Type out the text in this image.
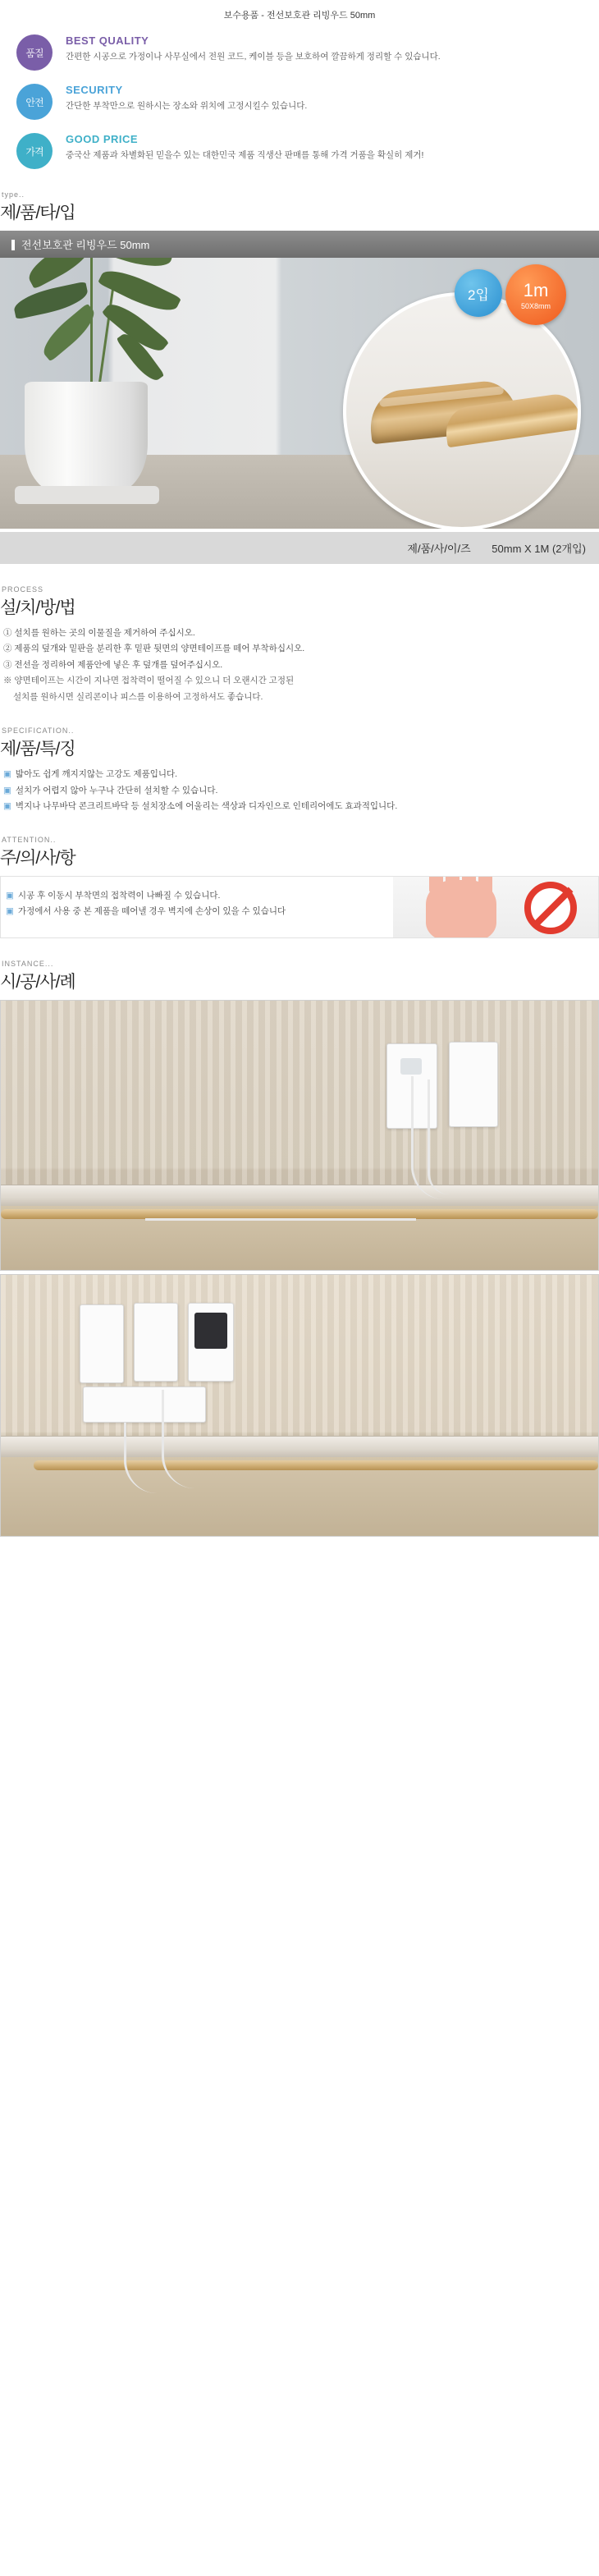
보수용품 - 전선보호관 리빙우드 50mm
품질
BEST QUALITY
간편한 시공으로 가정이나 사무실에서 전원 코드, 케이블 등을 보호하여 깔끔하게 정리할 수 있습니다.
안전
SECURITY
간단한 부착만으로 원하시는 장소와 위치에 고정시킬수 있습니다.
가격
GOOD PRICE
중국산 제품과 차별화된 믿을수 있는 대한민국 제품 직생산 판매를 통해 가격 거품을 확실히 제거!
type..
제/품/타/입
전선보호관 리빙우드 50mm
2입 1m
50X8mm
제/품/사/이/즈 50mm X 1M (2개입)
PROCESS
설/치/방/법
① 설치를 원하는 곳의 이물질을 제거하여 주십시오.
② 제품의 덮개와 밑판을 분리한 후 밑판 뒷면의 양면테이프를 떼어 부착하십시오.
③ 전선을 정리하여 제품안에 넣은 후 덮개를 덮어주십시오.
※ 양면테이프는 시간이 지나면 접착력이 떨어질 수 있으니 더 오랜시간 고정된
설치를 원하시면 실리콘이나 피스를 이용하여 고정하셔도 좋습니다.
SPECIFICATION..
제/품/특/징
▣ 밟아도 쉽게 깨지지않는 고강도 제품입니다.
▣ 설치가 어렵지 않아 누구나 간단히 설치할 수 있습니다.
▣ 벽지나 나무바닥 콘크리트바닥 등 설치장소에 어울리는 색상과 디자인으로 인테리어에도 효과적입니다.
ATTENTION..
주/의/사/항
▣ 시공 후 이동시 부착면의 접착력이 나빠질 수 있습니다.
▣ 가정에서 사용 중 본 제품을 떼어낼 경우 벽지에 손상이 있을 수 있습니다
INSTANCE...
시/공/사/례
